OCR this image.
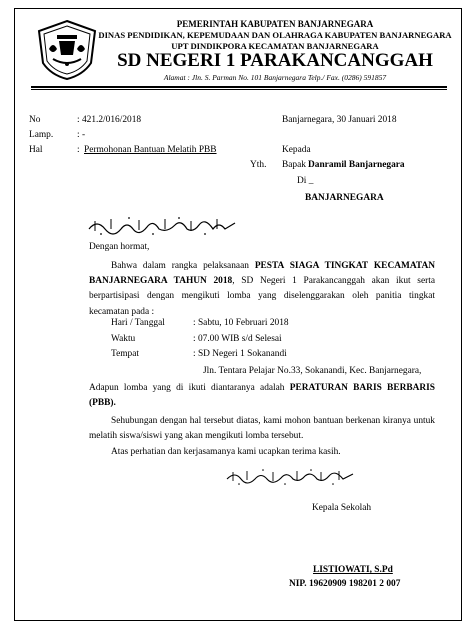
PEMERINTAH KABUPATEN BANJARNEGARA
DINAS PENDIDIKAN, KEPEMUDAAN DAN OLAHRAGA KABUPATEN BANJARNEGARA
UPT DINDIKPORA KECAMATAN BANJARNEGARA
SD NEGERI 1 PARAKANCANGGAH
Alamat : Jln. S. Parman No. 101 Banjarnegara Telp./ Fax. (0286) 591857
No	: 421.2/016/2018
Lamp.	: -
Hal	: Permohonan Bantuan Melatih PBB
Banjarnegara, 30 Januari 2018
Kepada
Yth. Bapak Danramil Banjarnegara
Di _
BANJARNEGARA
Dengan hormat,
Bahwa dalam rangka pelaksanaan PESTA SIAGA TINGKAT KECAMATAN BANJARNEGARA TAHUN 2018, SD Negeri 1 Parakancanggah akan ikut serta berpartisipasi dengan mengikuti lomba yang diselenggarakan oleh panitia tingkat kecamatan pada :
Hari / Tanggal	: Sabtu, 10 Februari 2018
Waktu	: 07.00 WIB s/d Selesai
Tempat	: SD Negeri 1 Sokanandi
Jln. Tentara Pelajar No.33, Sokanandi, Kec. Banjarnegara,
Adapun lomba yang di ikuti diantaranya adalah PERATURAN BARIS BERBARIS (PBB).
Sehubungan dengan hal tersebut diatas, kami mohon bantuan berkenan kiranya untuk melatih siswa/siswi yang akan mengikuti lomba tersebut.
Atas perhatian dan kerjasamanya kami ucapkan terima kasih.
Kepala Sekolah
LISTIOWATI, S.Pd
NIP. 19620909 198201 2 007
